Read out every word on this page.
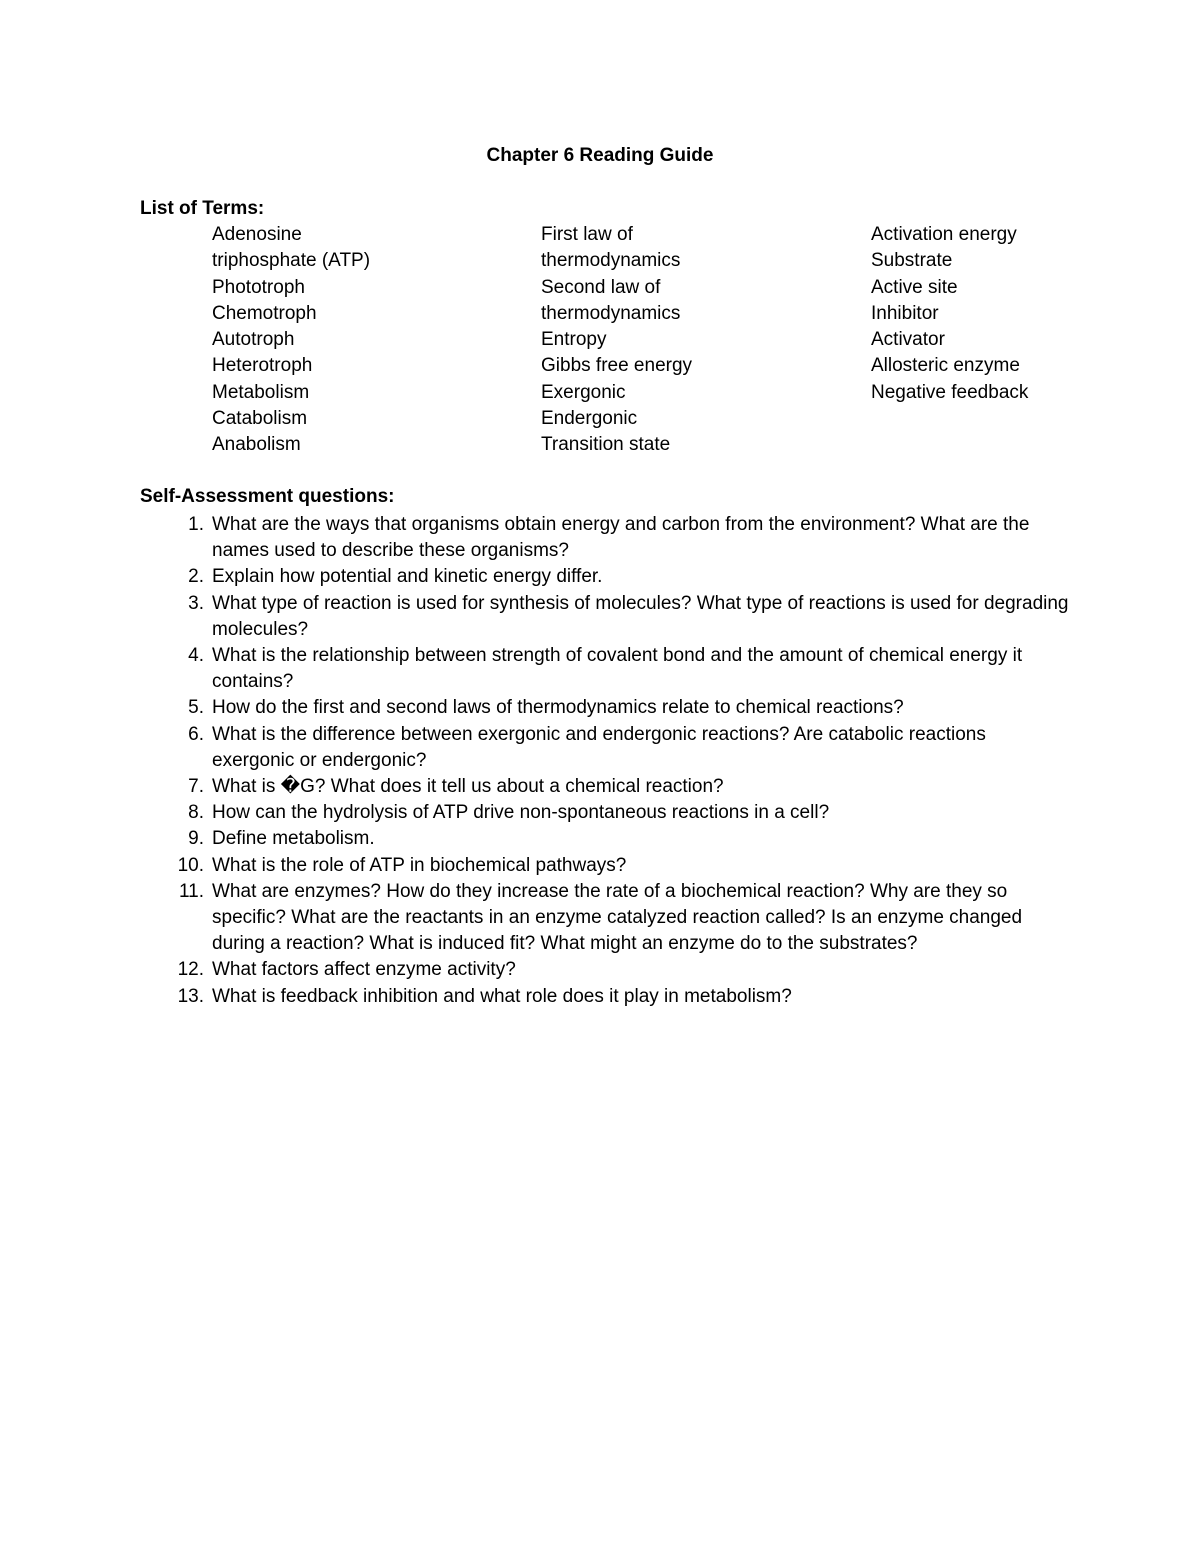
Chapter 6 Reading Guide
List of Terms:
Adenosine
triphosphate (ATP)
Phototroph
Chemotroph
Autotroph
Heterotroph
Metabolism
Catabolism
Anabolism
First law of
thermodynamics
Second law of
thermodynamics
Entropy
Gibbs free energy
Exergonic
Endergonic
Transition state
Activation energy
Substrate
Active site
Inhibitor
Activator
Allosteric enzyme
Negative feedback
Self-Assessment questions:
1. What are the ways that organisms obtain energy and carbon from the environment? What are the names used to describe these organisms?
2. Explain how potential and kinetic energy differ.
3. What type of reaction is used for synthesis of molecules? What type of reactions is used for degrading molecules?
4. What is the relationship between strength of covalent bond and the amount of chemical energy it contains?
5. How do the first and second laws of thermodynamics relate to chemical reactions?
6. What is the difference between exergonic and endergonic reactions? Are catabolic reactions exergonic or endergonic?
7. What is �G? What does it tell us about a chemical reaction?
8. How can the hydrolysis of ATP drive non-spontaneous reactions in a cell?
9. Define metabolism.
10. What is the role of ATP in biochemical pathways?
11. What are enzymes? How do they increase the rate of a biochemical reaction? Why are they so specific? What are the reactants in an enzyme catalyzed reaction called? Is an enzyme changed during a reaction? What is induced fit? What might an enzyme do to the substrates?
12. What factors affect enzyme activity?
13. What is feedback inhibition and what role does it play in metabolism?
